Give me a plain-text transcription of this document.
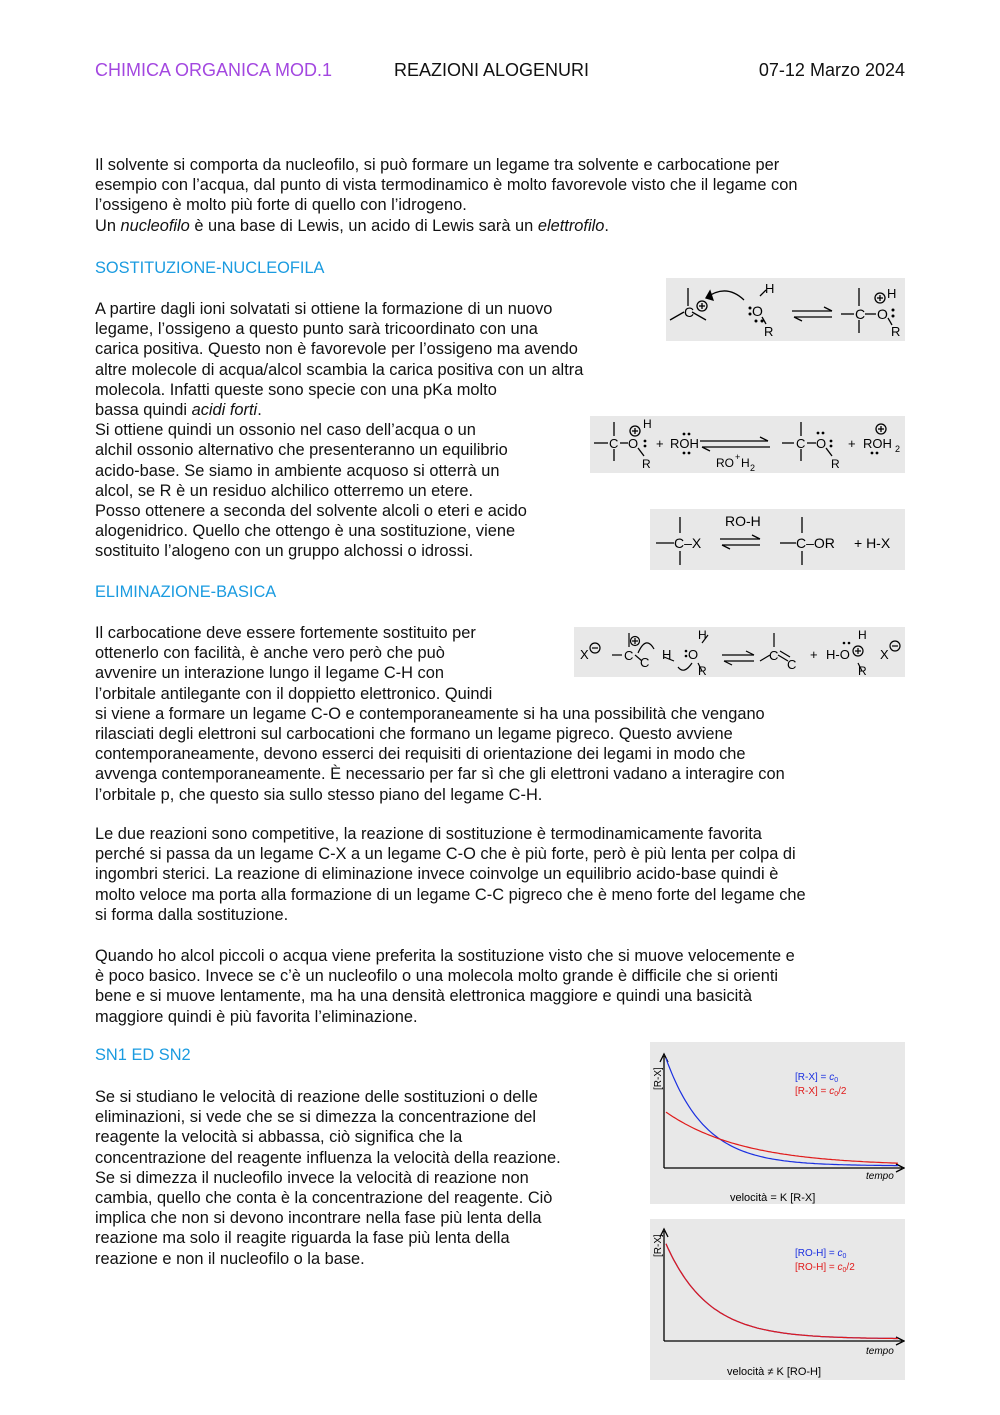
CHIMICA ORGANICA MOD.1	REAZIONI ALOGENURI	07-12 Marzo 2024
Il solvente si comporta da nucleofilo, si può formare un legame tra solvente e carbocatione per
esempio con l’acqua, dal punto di vista termodinamico è molto favorevole visto che il legame con
l’ossigeno è molto più forte di quello con l’idrogeno.
Un nucleofilo è una base di Lewis, un acido di Lewis sarà un elettrofilo.
SOSTITUZIONE-NUCLEOFILA
A partire dagli ioni solvatati si ottiene la formazione di un nuovo
legame, l’ossigeno a questo punto sarà tricoordinato con una
carica positiva. Questo non è favorevole per l’ossigeno ma avendo
altre molecole di acqua/alcol scambia la carica positiva con un altra
molecola. Infatti queste sono specie con una pKa molto
bassa quindi acidi forti.
Si ottiene quindi un ossonio nel caso dell’acqua o un
alchil ossonio alternativo che presenteranno un equilibrio
acido-base. Se siamo in ambiente acquoso si otterrà un
alcol, se R è un residuo alchilico otterremo un etere.
Posso ottenere a seconda del solvente alcoli o eteri e acido
alogenidrico. Quello che ottengo è una sostituzione, viene
sostituito l’alogeno con un gruppo alchossi o idrossi.
C
H
O
R
C O
H
R
C O
H
R
+ ROH
RO + H 2
C O
R
+ ROH 2
C–X
RO-H
C–OR + H-X
ELIMINAZIONE-BASICA
Il carbocatione deve essere fortemente sostituito per
ottenerlo con facilità, è anche vero però che può
avvenire un interazione lungo il legame C-H con
l’orbitale antilegante con il doppietto elettronico. Quindi
si viene a formare un legame C-O e contemporaneamente si ha una possibilità che vengano
rilasciati degli elettroni sul carbocationi che formano un legame pigreco. Questo avviene
contemporaneamente, devono esserci dei requisiti di orientazione dei legami in modo che
avvenga contemporaneamente. È necessario per far sì che gli elettroni vadano a interagire con
l’orbitale p, che questo sia sullo stesso piano del legame C-H.
X	C C
H
H
O
R
C
C
+ H-O
H
R
X
Le due reazioni sono competitive, la reazione di sostituzione è termodinamicamente favorita
perché si passa da un legame C-X a un legame C-O che è più forte, però è più lenta per colpa di
ingombri sterici. La reazione di eliminazione invece coinvolge un equilibrio acido-base quindi è
molto veloce ma porta alla formazione di un legame C-C pigreco che è meno forte del legame che
si forma dalla sostituzione.
Quando ho alcol piccoli o acqua viene preferita la sostituzione visto che si muove velocemente e
è poco basico. Invece se c’è un nucleofilo o una molecola molto grande è difficile che si orienti
bene e si muove lentamente, ma ha una densità elettronica maggiore e quindi una basicità
maggiore quindi è più favorita l’eliminazione.
SN1 ED SN2
Se si studiano le velocità di reazione delle sostituzioni o delle
eliminazioni, si vede che se si dimezza la concentrazione del
reagente la velocità si abbassa, ciò significa che la
concentrazione del reagente influenza la velocità della reazione.
Se si dimezza il nucleofilo invece la velocità di reazione non
cambia, quello che conta è la concentrazione del reagente. Ciò
implica che non si devono incontrare nella fase più lenta della
reazione ma solo il reagite riguarda la fase più lenta della
reazione e non il nucleofilo o la base.
[R-X]
tempo
velocità = K [R-X]
$[R-X] = c_0$
$[R-X] = c_0/2$
[R-X]
tempo
velocità ≠ K [RO-H]
$[RO-H] = c_0$
$[RO-H] = c_0/2$
